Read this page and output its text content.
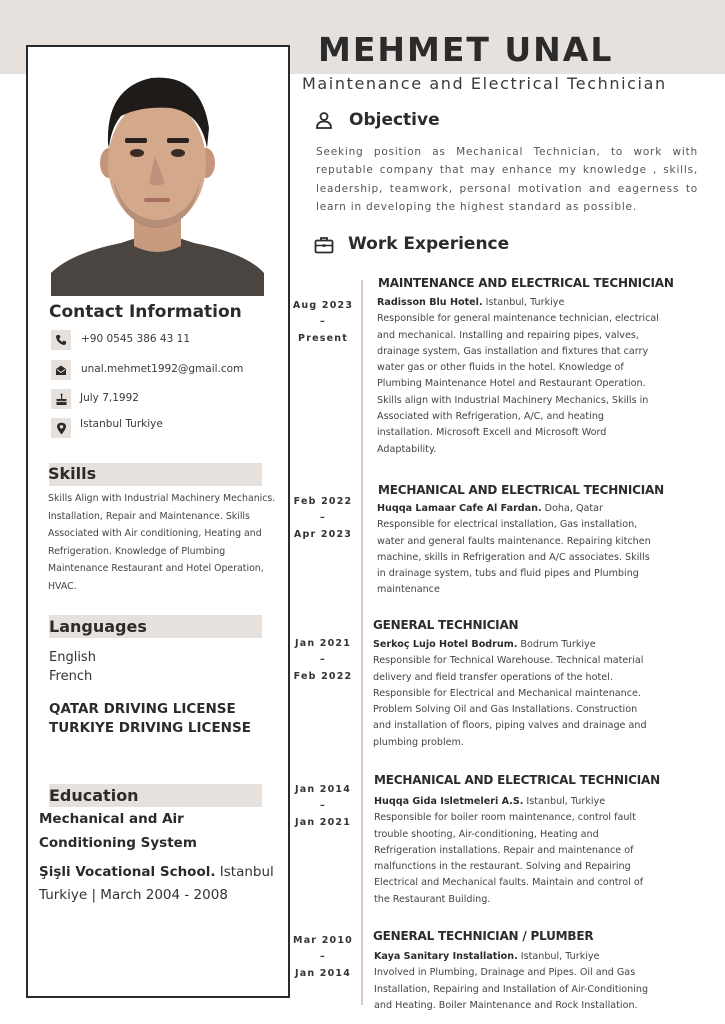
MEHMET UNAL
Maintenance and Electrical Technician
Contact Information
+90 0545 386 43 11
unal.mehmet1992@gmail.com
July 7,1992
Istanbul Turkiye
Skills
Skills Align with Industrial Machinery Mechanics. Installation, Repair and Maintenance. Skills Associated with Air conditioning, Heating and Refrigeration. Knowledge of Plumbing Maintenance Restaurant and Hotel Operation, HVAC.
Languages
English
French
QATAR DRIVING LICENSE
TURKIYE DRIVING LICENSE
Education
Mechanical and Air Conditioning System
Şişli Vocational School. Istanbul Turkiye | March 2004 - 2008
Objective
Seeking position as Mechanical Technician, to work with reputable company that may enhance my knowledge , skills, leadership, teamwork, personal motivation and eagerness to learn in developing the highest standard as possible.
Work Experience
Aug 2023
–
Present
MAINTENANCE AND ELECTRICAL TECHNICIAN
Radisson Blu Hotel. Istanbul, Turkiye
Responsible for general maintenance technician, electrical and mechanical. Installing and repairing pipes, valves, drainage system, Gas installation and fixtures that carry water gas or other fluids in the hotel. Knowledge of Plumbing Maintenance Hotel and Restaurant Operation. Skills align with Industrial Machinery Mechanics, Skills in Associated with Refrigeration, A/C, and heating installation. Microsoft Excell and Microsoft Word Adaptability.
Feb 2022
–
Apr 2023
MECHANICAL AND ELECTRICAL TECHNICIAN
Huqqa Lamaar Cafe Al Fardan. Doha, Qatar
Responsible for electrical installation, Gas installation, water and general faults maintenance. Repairing kitchen machine, skills in Refrigeration and A/C associates. Skills in drainage system, tubs and fluid pipes and Plumbing maintenance
Jan 2021
–
Feb 2022
GENERAL TECHNICIAN
Serkoç Lujo Hotel Bodrum. Bodrum Turkiye
Responsible for Technical Warehouse. Technical material delivery and field transfer operations of the hotel. Responsible for Electrical and Mechanical maintenance. Problem Solving Oil and Gas Installations. Construction and installation of floors, piping valves and drainage and plumbing problem.
Jan 2014
–
Jan 2021
MECHANICAL AND ELECTRICAL TECHNICIAN
Huqqa Gida Isletmeleri A.S. Istanbul, Turkiye
Responsible for boiler room maintenance, control fault trouble shooting, Air-conditioning, Heating and Refrigeration installations. Repair and maintenance of malfunctions in the restaurant. Solving and Repairing Electrical and Mechanical faults. Maintain and control of the Restaurant Building.
Mar 2010
–
Jan 2014
GENERAL TECHNICIAN / PLUMBER
Kaya Sanitary Installation. Istanbul, Turkiye
Involved in Plumbing, Drainage and Pipes. Oil and Gas Installation, Repairing and Installation of Air-Conditioning and Heating. Boiler Maintenance and Rock Installation.
